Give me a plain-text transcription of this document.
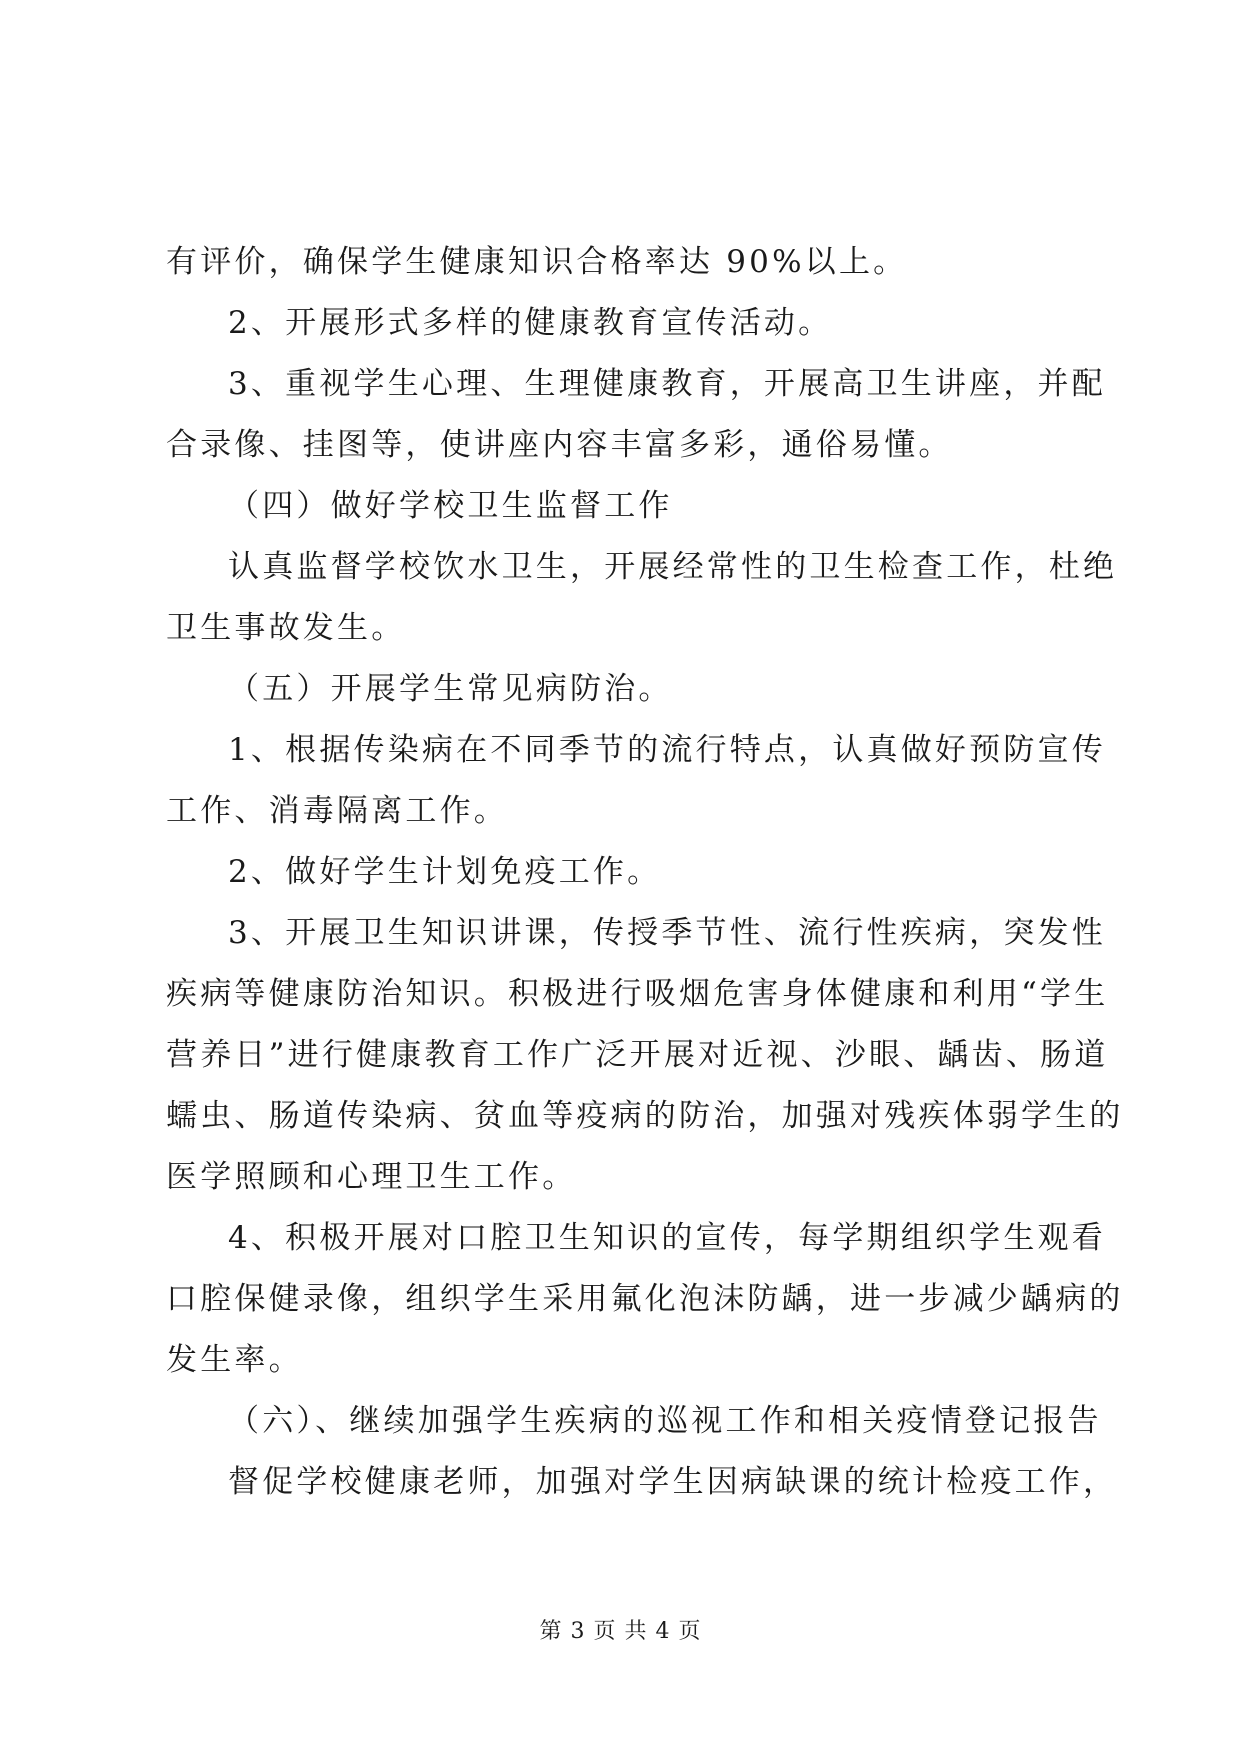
有评价，确保学生健康知识合格率达 90%以上。
2、开展形式多样的健康教育宣传活动。
3、重视学生心理、生理健康教育，开展高卫生讲座，并配
合录像、挂图等，使讲座内容丰富多彩，通俗易懂。
（四）做好学校卫生监督工作
认真监督学校饮水卫生，开展经常性的卫生检查工作，杜绝
卫生事故发生。
（五）开展学生常见病防治。
1、根据传染病在不同季节的流行特点，认真做好预防宣传
工作、消毒隔离工作。
2、做好学生计划免疫工作。
3、开展卫生知识讲课，传授季节性、流行性疾病，突发性
疾病等健康防治知识。积极进行吸烟危害身体健康和利用“学生
营养日”进行健康教育工作广泛开展对近视、沙眼、龋齿、肠道
蠕虫、肠道传染病、贫血等疫病的防治，加强对残疾体弱学生的
医学照顾和心理卫生工作。
4、积极开展对口腔卫生知识的宣传，每学期组织学生观看
口腔保健录像，组织学生采用氟化泡沫防龋，进一步减少龋病的
发生率。
（六）、继续加强学生疾病的巡视工作和相关疫情登记报告
督促学校健康老师，加强对学生因病缺课的统计检疫工作，
第 3 页 共 4 页
